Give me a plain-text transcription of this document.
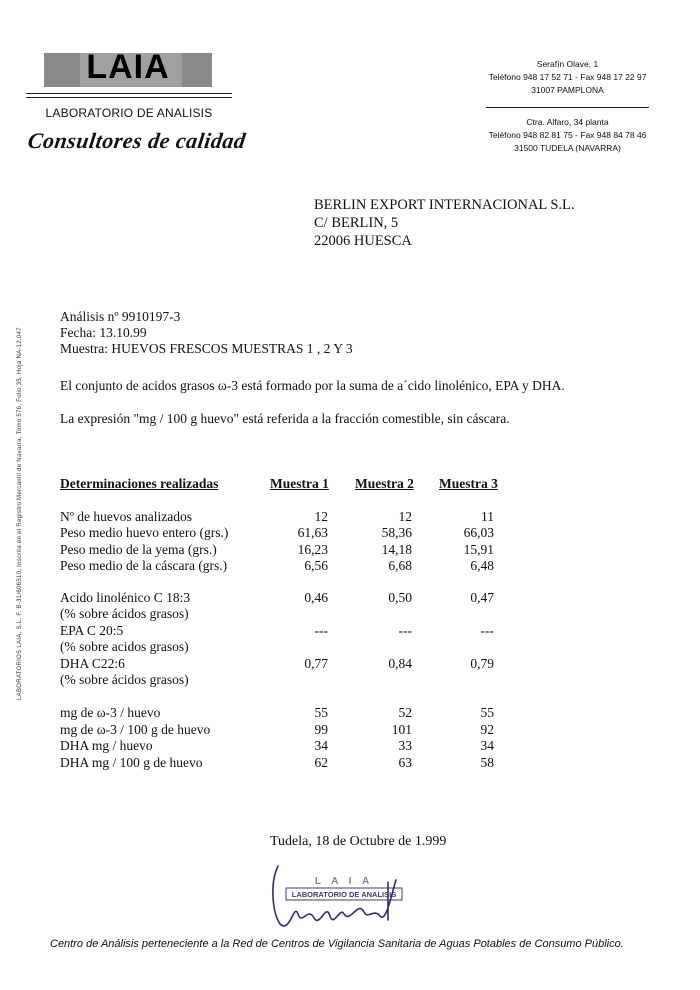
LAIA
LABORATORIO DE ANALISIS
Consultores de calidad
Serafín Olave, 1
Teléfono 948 17 52 71 - Fax 948 17 22 97
31007 PAMPLONA
Ctra. Alfaro, 34 planta
Teléfono 948 82 81 75 - Fax 948 84 78 46
31500 TUDELA (NAVARRA)
LABORATORIOS LAIA, S.L. F. B-31/606510, Inscrita en el Registro Mercantil de Navarra, Tomo 576, Folio 35, Hoja NA-12.047
BERLIN EXPORT INTERNACIONAL S.L.
C/ BERLIN, 5
22006 HUESCA
Análisis nº 9910197-3
Fecha: 13.10.99
Muestra: HUEVOS FRESCOS MUESTRAS 1 , 2 Y 3
El conjunto de acidos grasos ω-3 está formado por la suma de a´cido linolénico, EPA y DHA.
La expresión "mg / 100 g huevo" está referida a la fracción comestible, sin cáscara.
Determinaciones realizadas	Muestra 1 Muestra 2 Muestra 3
Nº de huevos analizados	12	12	11
Peso medio huevo entero (grs.)	61,63	58,36	66,03
Peso medio de la yema (grs.)	16,23	14,18	15,91
Peso medio de la cáscara (grs.)	6,56	6,68	6,48
Acido linolénico C 18:3	0,46	0,50	0,47
(% sobre ácidos grasos)
EPA C 20:5	---	---	---
(% sobre acidos grasos)
DHA C22:6	0,77	0,84	0,79
(% sobre ácidos grasos)
mg de ω-3 / huevo	55	52	55
mg de ω-3 / 100 g de huevo	99	101	92
DHA mg / huevo	34	33	34
DHA mg / 100 g de huevo	62	63	58
Tudela, 18 de Octubre de 1.999
L A I A
LABORATORIO DE ANALISIS
Centro de Análisis perteneciente a la Red de Centros de Vigilancia Sanitaria de Aguas Potables de Consumo Público.
